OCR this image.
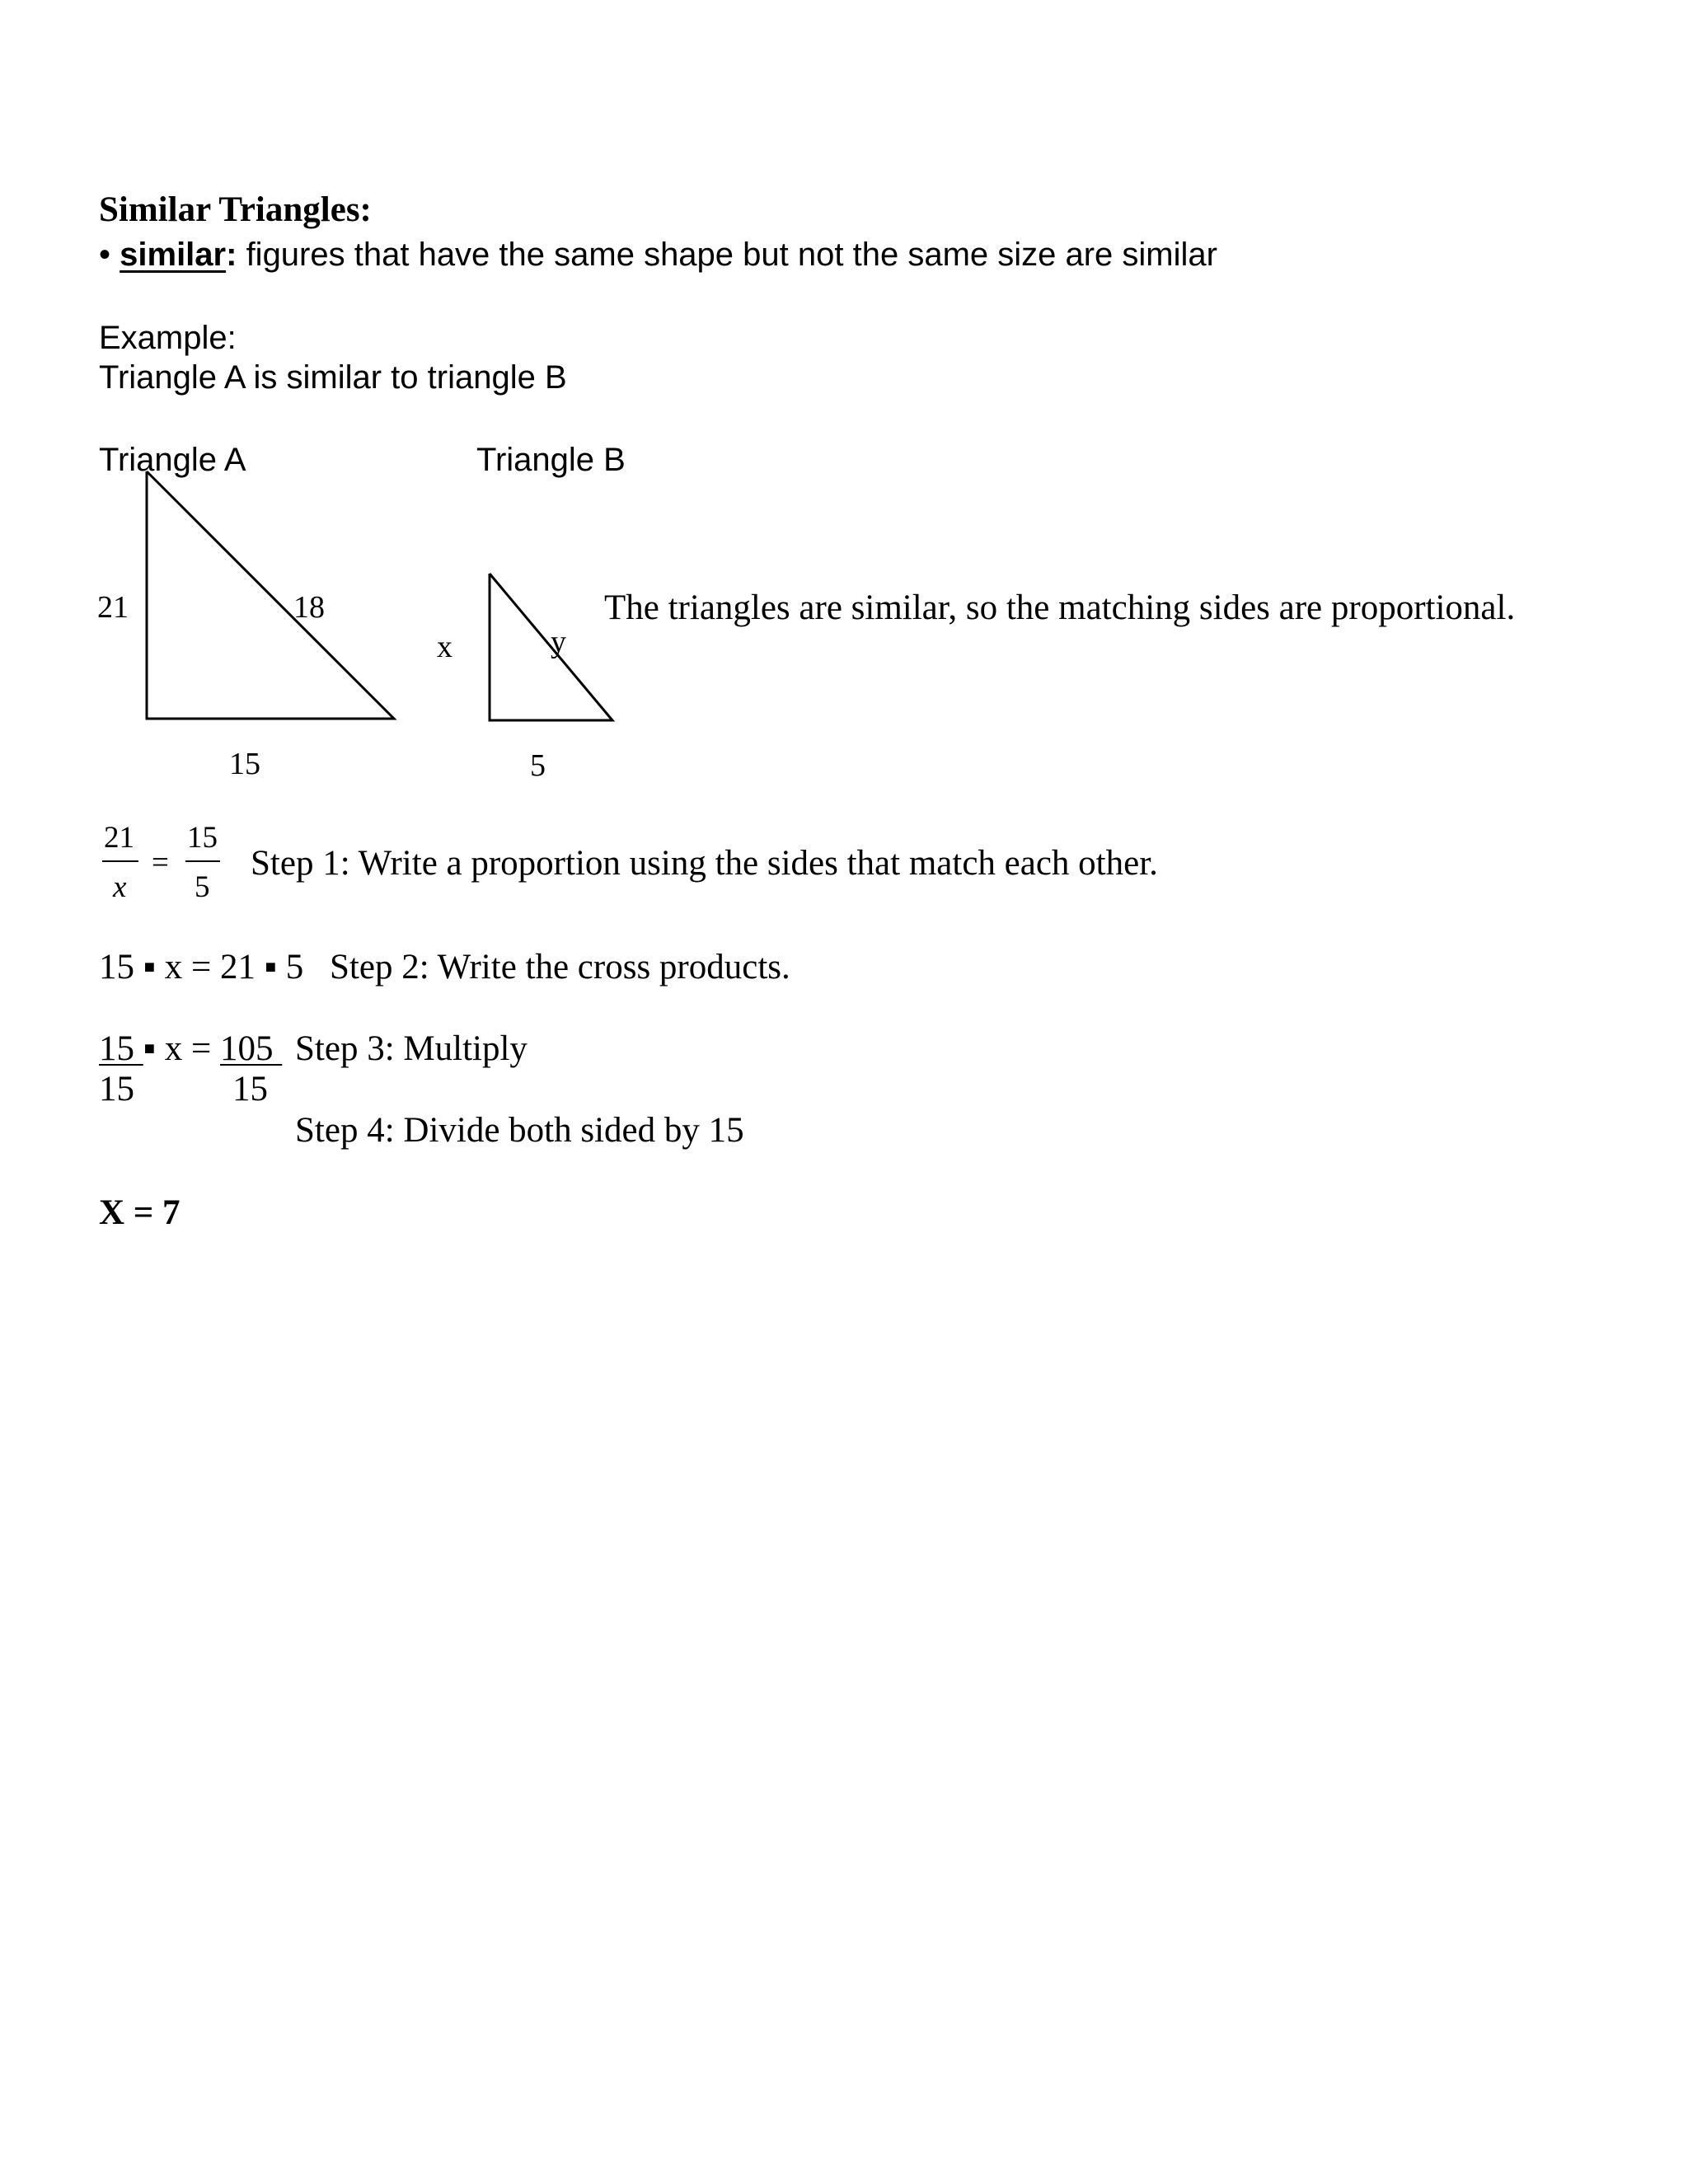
Similar Triangles:
• similar: figures that have the same shape but not the same size are similar
Example:
Triangle A is similar to triangle B
Triangle A	Triangle B
21	18
15
x	y
5
The triangles are similar, so the matching sides are proportional.
21
x
=
15
5
Step 1: Write a proportion using the sides that match each other.
15 ▪ x = 21 ▪ 5 Step 2: Write the cross products.
15 ▪ x = 105 Step 3: Multiply
15	15
Step 4: Divide both sided by 15
X = 7
